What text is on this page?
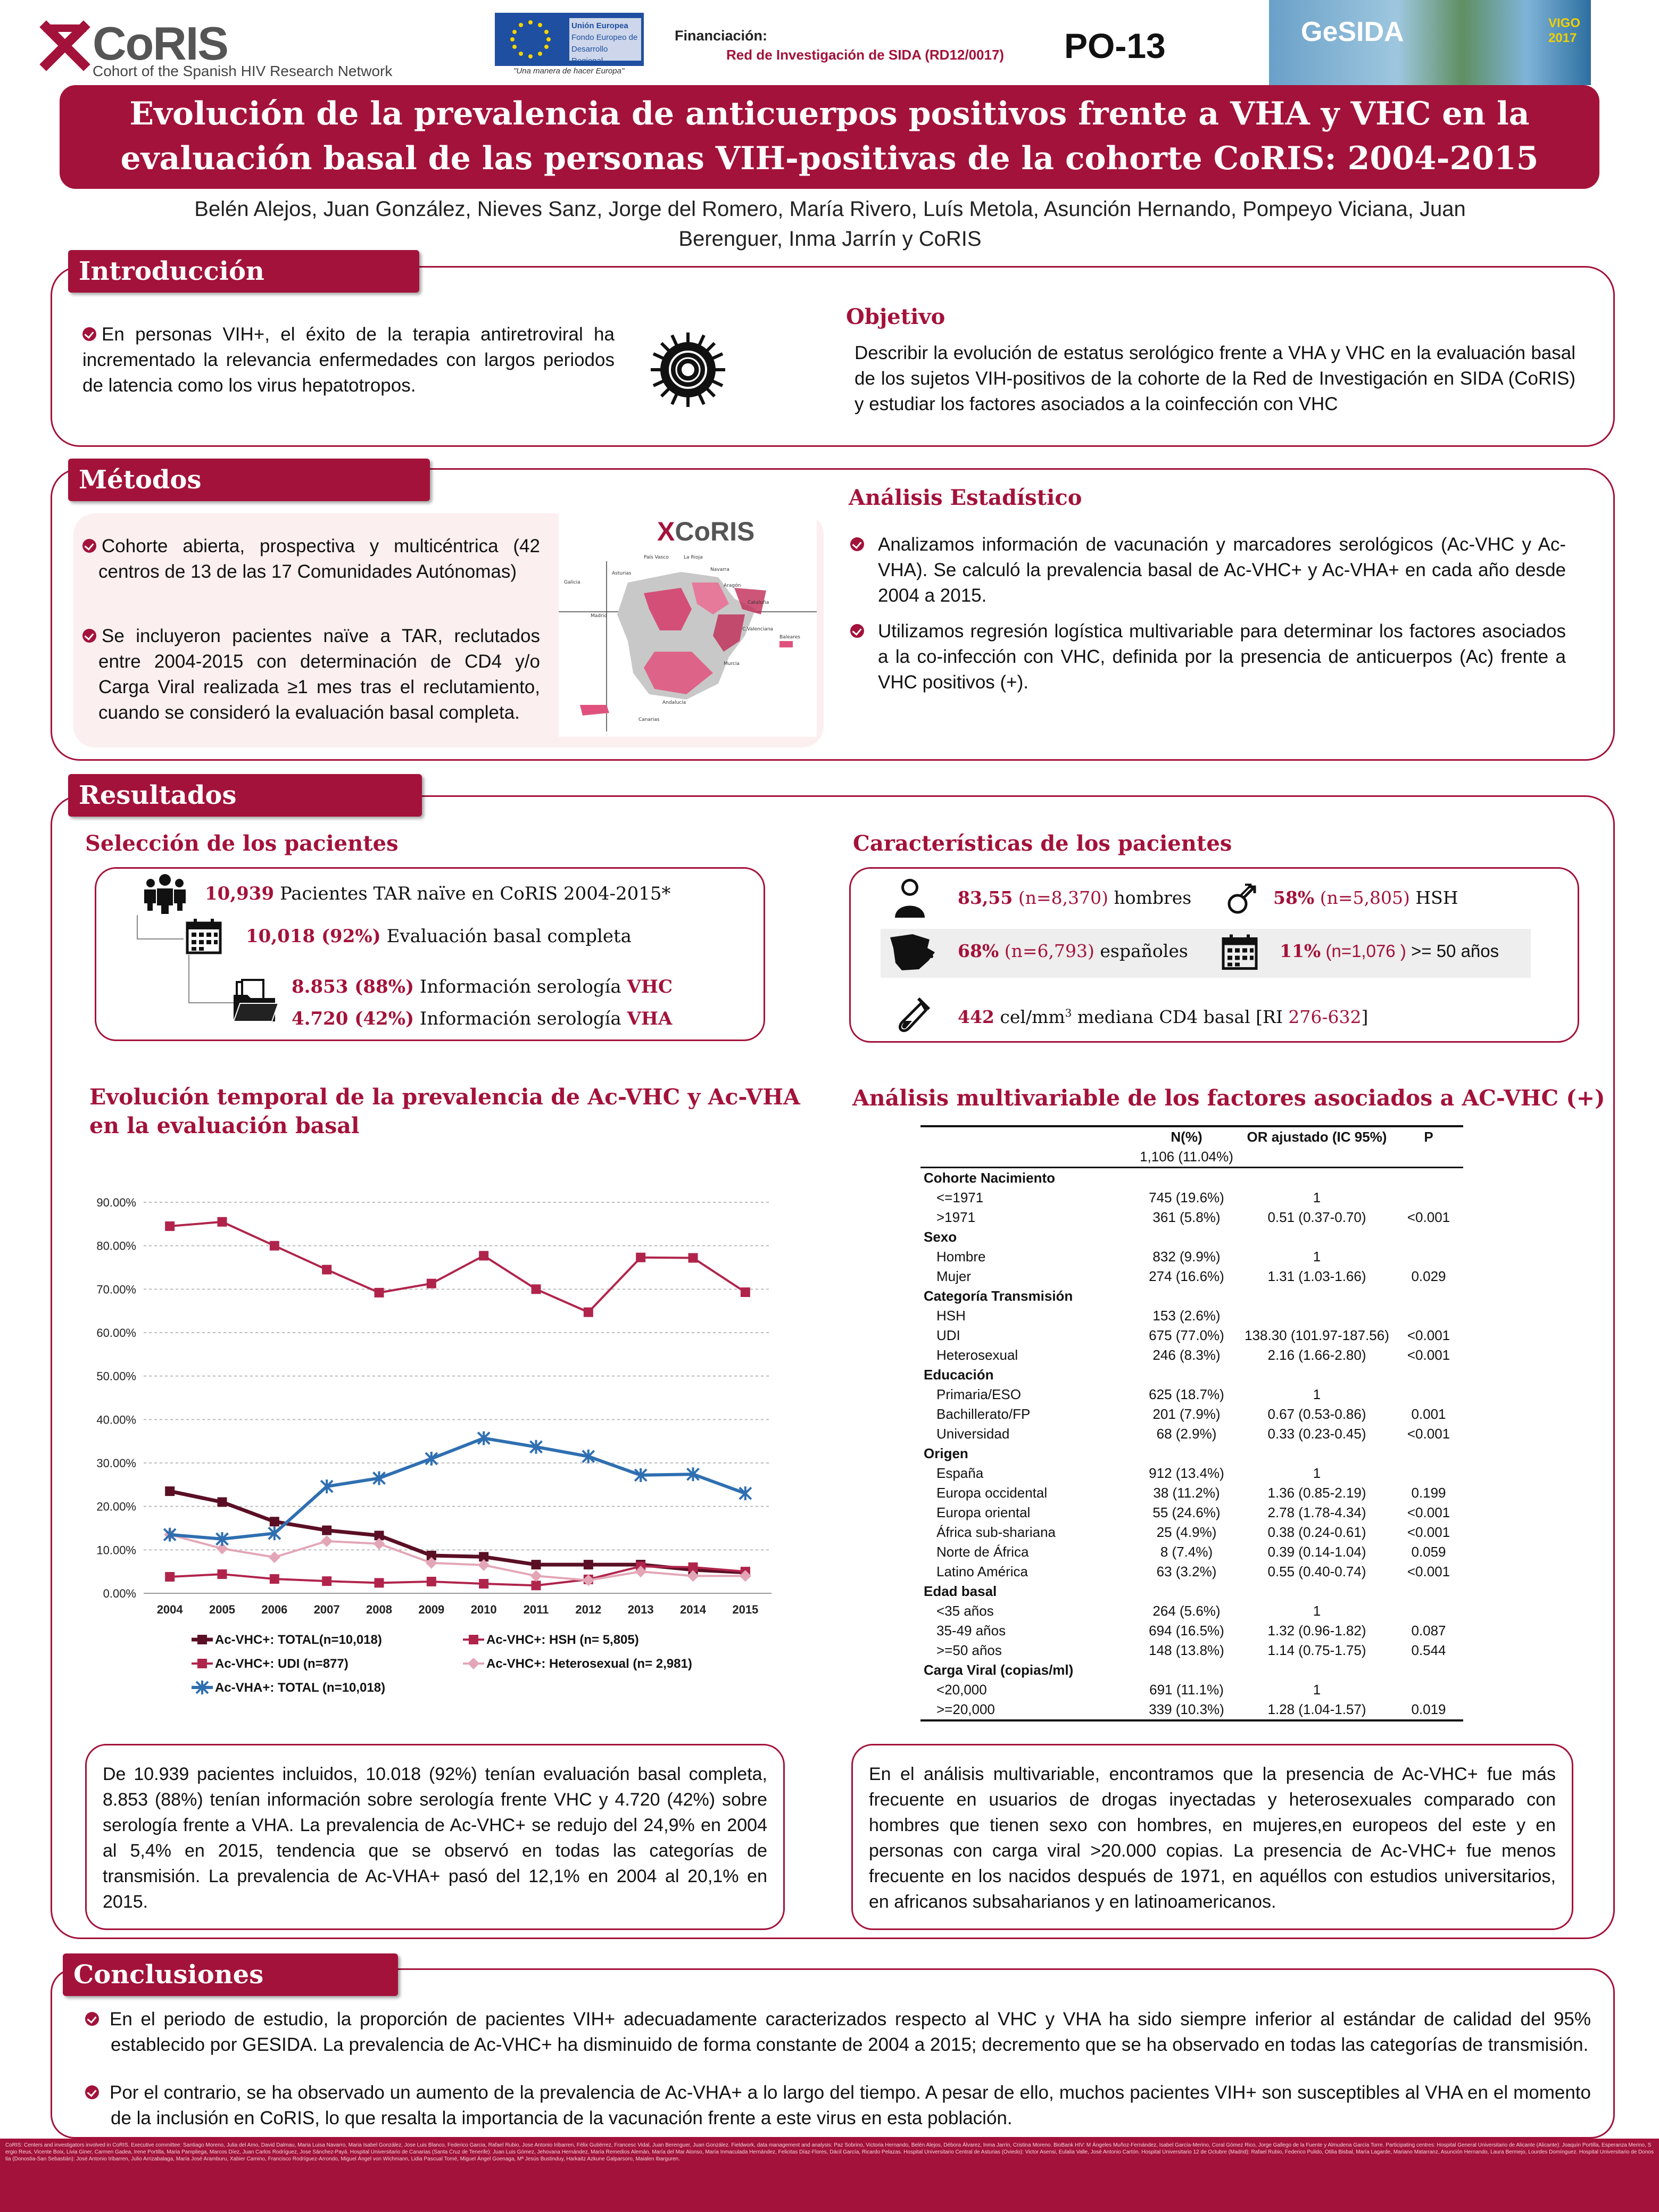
CoRIS
Cohort of the Spanish HIV Research Network
Unión Europea
Fondo Europeo de
Desarrollo Regional
"Una manera de hacer Europa"
Financiación:
Red de Investigación de SIDA (RD12/0017) PO-13	GeSIDA	VIGO
2017
Evolución de la prevalencia de anticuerpos positivos frente a VHA y VHC en la
evaluación basal de las personas VIH-positivas de la cohorte CoRIS: 2004-2015
Belén Alejos, Juan González, Nieves Sanz, Jorge del Romero, María Rivero, Luís Metola, Asunción Hernando, Pompeyo Viciana, Juan
Berenguer, Inma Jarrín y CoRIS
Introducción
En personas VIH+, el éxito de la terapia antiretroviral ha incrementado la relevancia enfermedades con largos periodos de latencia como los virus hepatotropos.
Objetivo
Describir la evolución de estatus serológico frente a VHA y VHC en la evaluación basal de los sujetos VIH-positivos de la cohorte de la Red de Investigación en SIDA (CoRIS) y estudiar los factores asociados a la coinfección con VHC
Métodos
Cohorte abierta, prospectiva y multicéntrica (42 centros de 13 de las 17 Comunidades Autónomas)
Se incluyeron pacientes naïve a TAR, reclutados entre 2004-2015 con determinación de CD4 y/o Carga Viral realizada ≥1 mes tras el reclutamiento, cuando se consideró la evaluación basal completa.
XCoRIS
País Vasco	La Rioja
Navarra
Asturias
Galicia
Aragón
Cataluña
Madrid
C.Valenciana
Baleares
Murcia
Andalucía
Canarias
Análisis Estadístico
Analizamos información de vacunación y marcadores serológicos (Ac-VHC y Ac-VHA). Se calculó la prevalencia basal de Ac-VHC+ y Ac-VHA+ en cada año desde 2004 a 2015.
Utilizamos regresión logística multivariable para determinar los factores asociados a la co-infección con VHC, definida por la presencia de anticuerpos (Ac) frente a VHC positivos (+).
Resultados
Selección de los pacientes
10,939 Pacientes TAR naïve en CoRIS 2004-2015*
10,018 (92%) Evaluación basal completa
8.853 (88%) Información serología VHC
4.720 (42%) Información serología VHA
Características de los pacientes
83,55 (n=8,370) hombres	58% (n=5,805) HSH
68% (n=6,793) españoles	11% (n=1,076 ) >= 50 años
442 cel/$mm^3$ mediana CD4 basal [RI 276-632]
Evolución temporal de la prevalencia de Ac-VHC y Ac-VHA
en la evaluación basal
0.00%
10.00%
20.00%
30.00%
40.00%
50.00%
60.00%
70.00%
80.00%
90.00%
2004 2005 2006 2007 2008 2009 2010 2011 2012 2013 2014 2015
Ac-VHC+: TOTAL(n=10,018)	Ac-VHC+: HSH (n= 5,805)
Ac-VHC+: UDI (n=877)	Ac-VHC+: Heterosexual (n= 2,981)
Ac-VHA+: TOTAL (n=10,018)
Análisis multivariable de los factores asociados a AC-VHC (+)
	N(%)	OR ajustado (IC 95%)	P
	1,106 (11.04%)		
Cohorte Nacimiento			
<=1971	745 (19.6%)	1	
>1971	361 (5.8%)	0.51 (0.37-0.70)	<0.001
Sexo			
Hombre	832 (9.9%)	1	
Mujer	274 (16.6%)	1.31 (1.03-1.66)	0.029
Categoría Transmisión			
HSH	153 (2.6%)		
UDI	675 (77.0%)	138.30 (101.97-187.56)	<0.001
Heterosexual	246 (8.3%)	2.16 (1.66-2.80)	<0.001
Educación			
Primaria/ESO	625 (18.7%)	1	
Bachillerato/FP	201 (7.9%)	0.67 (0.53-0.86)	0.001
Universidad	68 (2.9%)	0.33 (0.23-0.45)	<0.001
Origen			
España	912 (13.4%)	1	
Europa occidental	38 (11.2%)	1.36 (0.85-2.19)	0.199
Europa oriental	55 (24.6%)	2.78 (1.78-4.34)	<0.001
África sub-shariana	25 (4.9%)	0.38 (0.24-0.61)	<0.001
Norte de África	8 (7.4%)	0.39 (0.14-1.04)	0.059
Latino América	63 (3.2%)	0.55 (0.40-0.74)	<0.001
Edad basal			
<35 años	264 (5.6%)	1	
35-49 años	694 (16.5%)	1.32 (0.96-1.82)	0.087
>=50 años	148 (13.8%)	1.14 (0.75-1.75)	0.544
Carga Viral (copias/ml)			
<20,000	691 (11.1%)	1	
>=20,000	339 (10.3%)	1.28 (1.04-1.57)	0.019
De 10.939 pacientes incluidos, 10.018 (92%) tenían evaluación basal completa, 8.853 (88%) tenían información sobre serología frente VHC y 4.720 (42%) sobre serología frente a VHA. La prevalencia de Ac-VHC+ se redujo del 24,9% en 2004 al 5,4% en 2015, tendencia que se observó en todas las categorías de transmisión. La prevalencia de Ac-VHA+ pasó del 12,1% en 2004 al 20,1% en 2015.
En el análisis multivariable, encontramos que la presencia de Ac-VHC+ fue más frecuente en usuarios de drogas inyectadas y heterosexuales comparado con hombres que tienen sexo con hombres, en mujeres,en europeos del este y en personas con carga viral >20.000 copias. La presencia de Ac-VHC+ fue menos frecuente en los nacidos después de 1971, en aquéllos con estudios universitarios, en africanos subsaharianos y en latinoamericanos.
Conclusiones
En el periodo de estudio, la proporción de pacientes VIH+ adecuadamente caracterizados respecto al VHC y VHA ha sido siempre inferior al estándar de calidad del 95% establecido por GESIDA. La prevalencia de Ac-VHC+ ha disminuido de forma constante de 2004 a 2015; decremento que se ha observado en todas las categorías de transmisión.
Por el contrario, se ha observado un aumento de la prevalencia de Ac-VHA+ a lo largo del tiempo. A pesar de ello, muchos pacientes VIH+ son susceptibles al VHA en el momento de la inclusión en CoRIS, lo que resalta la importancia de la vacunación frente a este virus en esta población.
CoRIS: Centers and investigators involved in CoRIS. Executive committee: Santiago Moreno, Julia del Amo, David Dalmau, Maria Luisa Navarro, Maria Isabel González, Jose Luis Blanco, Federico Garcia, Rafael Rubio, Jose Antonio Iribarren, Félix Gutiérrez, Francesc Vidal, Juan Berenguer, Juan González. Fieldwork, data management and analysis: Paz Sobrino, Victoria Hernando, Belén Alejos, Débora Álvarez, Inma Jarrín, Cristina Moreno. BioBank HIV: M Ángeles Muñoz-Fernández, Isabel García-Merino, Coral Gómez Rico, Jorge Gallego de la Fuente y Almudena García Torre. Participating centres: Hospital General Universitario de Alicante (Alicante): Joaquín Portilla, Esperanza Merino, Sergio Reus, Vicente Boix, Livia Giner, Carmen Gadea, Irene Portilla, Maria Pampliega, Marcos Díez, Juan Carlos Rodríguez, Jose Sánchez-Payá. Hospital Universitario de Canarias (Santa Cruz de Tenerife): Juan Luis Gómez, Jehovana Hernández, María Remedios Alemán, María del Mar Alonso, María Inmaculada Hernández, Felicitas Díaz-Flores, Dácil García, Ricardo Pelazas. Hospital Universitario Central de Asturias (Oviedo): Victor Asensi, Eulalia Valle, José Antonio Cartón. Hospital Universitario 12 de Octubre (Madrid): Rafael Rubio, Federico Pulido, Otilia Bisbal, María Lagarde, Mariano Matarranz, Asunción Hernando, Laura Bermejo, Lourdes Domínguez. Hospital Universitario de Donostia (Donostia-San Sebastián): José Antonio Iribarren, Julio Arrizabalaga, María José Aramburu, Xabier Camino, Francisco Rodríguez-Arrondo, Miguel Ángel von Wichmann, Lidia Pascual Tomé, Miguel Ángel Goenaga, Mª Jesús Bustinduy, Harkaitz Azkune Galparsoro, Maialen Ibarguren.
